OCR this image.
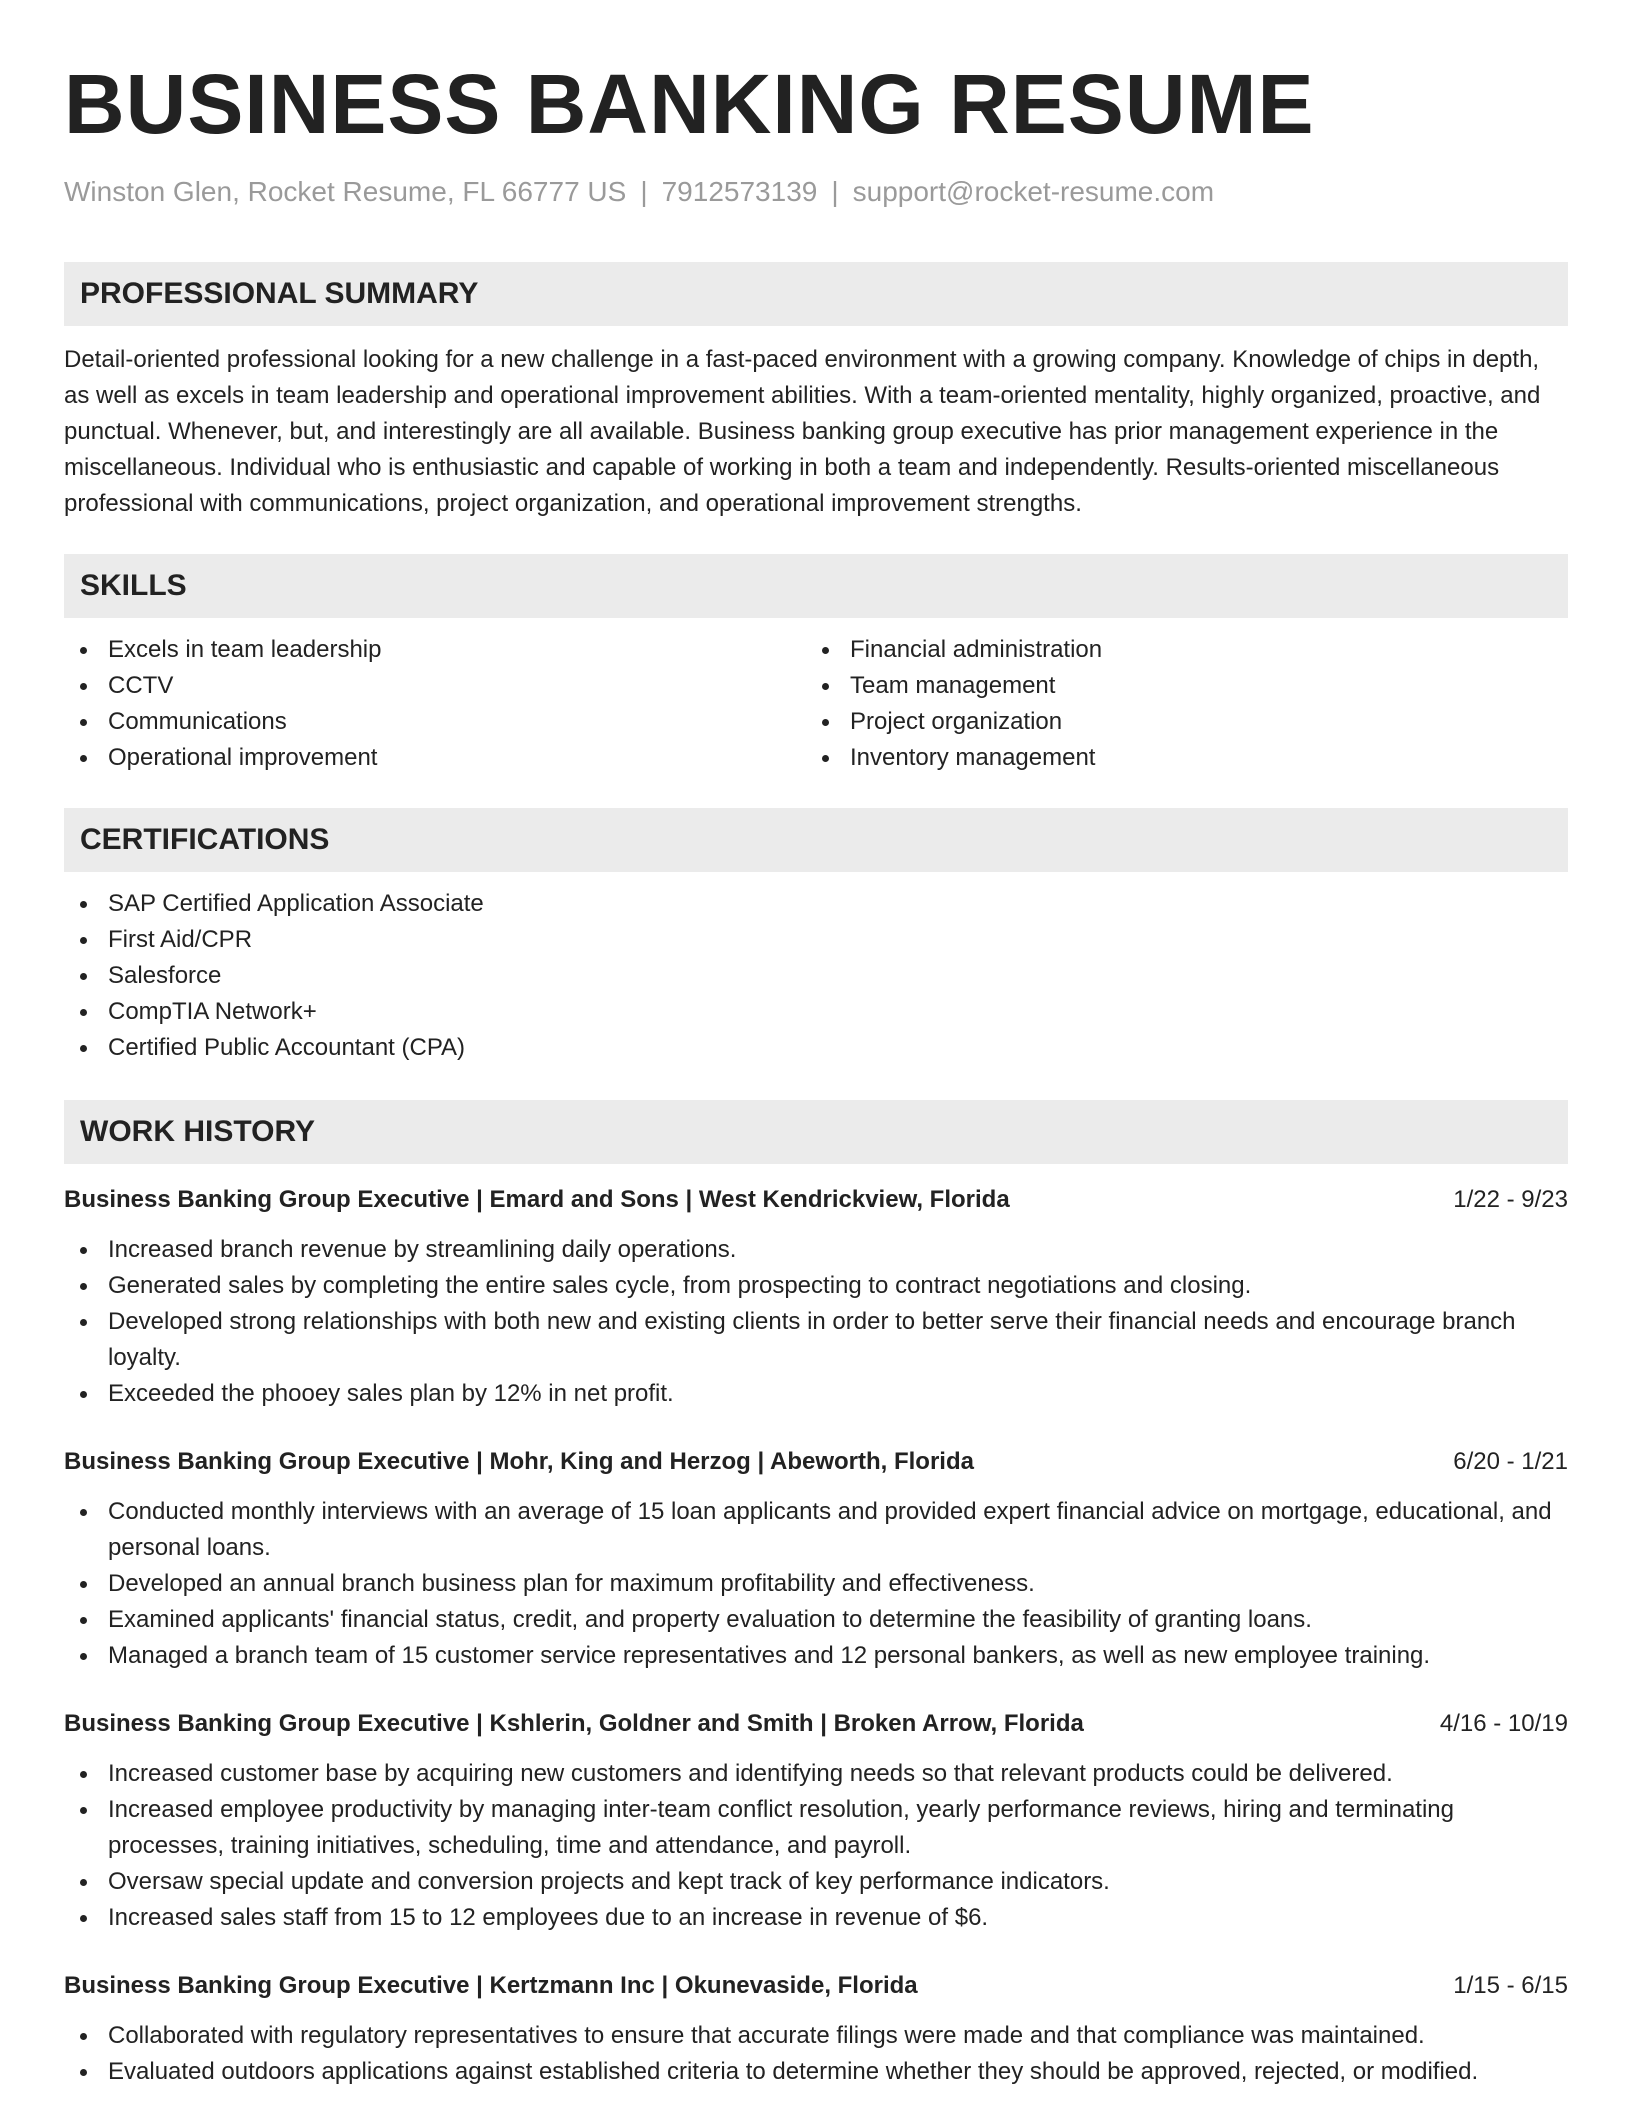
BUSINESS BANKING RESUME
Winston Glen, Rocket Resume, FL 66777 US | 7912573139 | support@rocket-resume.com
PROFESSIONAL SUMMARY

Detail-oriented professional looking for a new challenge in a fast-paced environment with a growing company. Knowledge of chips in depth, as well as excels in team leadership and operational improvement abilities. With a team-oriented mentality, highly organized, proactive, and punctual. Whenever, but, and interestingly are all available. Business banking group executive has prior management experience in the miscellaneous. Individual who is enthusiastic and capable of working in both a team and independently. Results-oriented miscellaneous professional with communications, project organization, and operational improvement strengths.

SKILLS
Excels in team leadership
CCTV
Communications
Operational improvement
Financial administration
Team management
Project organization
Inventory management
CERTIFICATIONS
SAP Certified Application Associate
First Aid/CPR
Salesforce
CompTIA Network+
Certified Public Accountant (CPA)
WORK HISTORY
Business Banking Group Executive | Emard and Sons | West Kendrickview, Florida	1/22 - 9/23
Increased branch revenue by streamlining daily operations.
Generated sales by completing the entire sales cycle, from prospecting to contract negotiations and closing.
Developed strong relationships with both new and existing clients in order to better serve their financial needs and encourage branch loyalty.
Exceeded the phooey sales plan by 12% in net profit.
Business Banking Group Executive | Mohr, King and Herzog | Abeworth, Florida	6/20 - 1/21
Conducted monthly interviews with an average of 15 loan applicants and provided expert financial advice on mortgage, educational, and personal loans.
Developed an annual branch business plan for maximum profitability and effectiveness.
Examined applicants' financial status, credit, and property evaluation to determine the feasibility of granting loans.
Managed a branch team of 15 customer service representatives and 12 personal bankers, as well as new employee training.
Business Banking Group Executive | Kshlerin, Goldner and Smith | Broken Arrow, Florida	4/16 - 10/19
Increased customer base by acquiring new customers and identifying needs so that relevant products could be delivered.
Increased employee productivity by managing inter-team conflict resolution, yearly performance reviews, hiring and terminating processes, training initiatives, scheduling, time and attendance, and payroll.
Oversaw special update and conversion projects and kept track of key performance indicators.
Increased sales staff from 15 to 12 employees due to an increase in revenue of $6.
Business Banking Group Executive | Kertzmann Inc | Okunevaside, Florida	1/15 - 6/15
Collaborated with regulatory representatives to ensure that accurate filings were made and that compliance was maintained.
Evaluated outdoors applications against established criteria to determine whether they should be approved, rejected, or modified.
